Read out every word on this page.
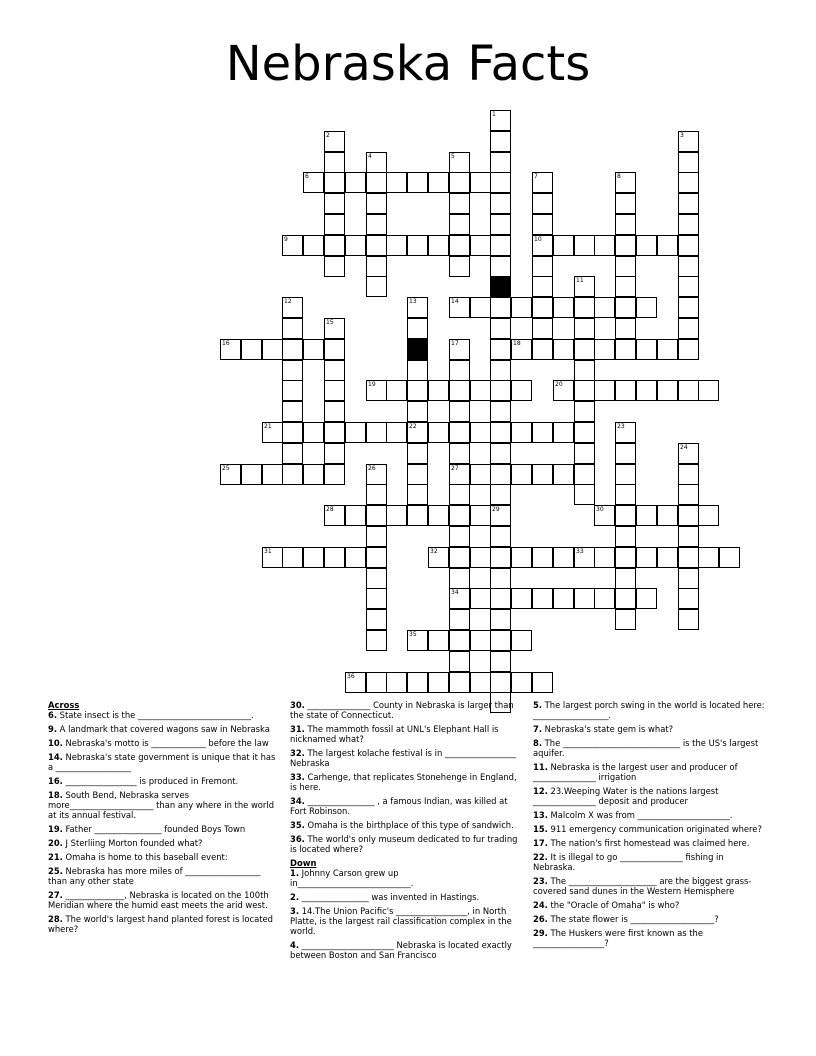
Nebraska Facts
1
29
2	3
4	5
6	7
10
8
9
11
12	13
22
14
15
16	17
27
34
18
19	20
21	23
24
25	26
28	30
31	32	33
35
36

Across

6. State insect is the ___________________________.

9. A landmark that covered wagons saw in Nebraska

10. Nebraska's motto is _____________ before the law

14. Nebraska's state government is unique that it has a __________________

16. _________________ is produced in Fremont.

18. South Bend, Nebraska serves more____________________ than any where in the world at its annual festival.

19. Father ________________ founded Boys Town

20. J Sterliing Morton founded what?

21. Omaha is home to this baseball event:

25. Nebraska has more miles of __________________ than any other state

27. ______________, Nebraska is located on the 100th Meridian where the humid east meets the arid west.

28. The world's largest hand planted forest is located where?

30. _______________ County in Nebraska is larger than the state of Connecticut.

31. The mammoth fossil at UNL's Elephant Hall is nicknamed what?

32. The largest kolache festival is in _________________ Nebraska

33. Carhenge, that replicates Stonehenge in England, is here.

34. ________________ , a famous Indian, was killed at Fort Robinson.

35. Omaha is the birthplace of this type of sandwich.

36. The world's only museum dedicated to fur trading is located where?

Down

1. Johnny Carson grew up in___________________________.

2. ________________ was invented in Hastings.

3. 14.The Union Pacific's _________________, in North Platte, is the largest rail classification complex in the world.

4. ______________________ Nebraska is located exactly between Boston and San Francisco

5. The largest porch swing in the world is located here: __________________.

7. Nebraska's state gem is what?

8. The ____________________________ is the US's largest aquifer.

11. Nebraska is the largest user and producer of _______________ irrigation

12. 23.Weeping Water is the nations largest _______________ deposit and producer

13. Malcolm X was from ______________________.

15. 911 emergency communication originated where?

17. The nation's first homestead was claimed here.

22. It is illegal to go _______________ fishing in Nebraska.

23. The _____________________ are the biggest grass-covered sand dunes in the Western Hemisphere

24. the "Oracle of Omaha" is who?

26. The state flower is ____________________?

29. The Huskers were first known as the _________________?
